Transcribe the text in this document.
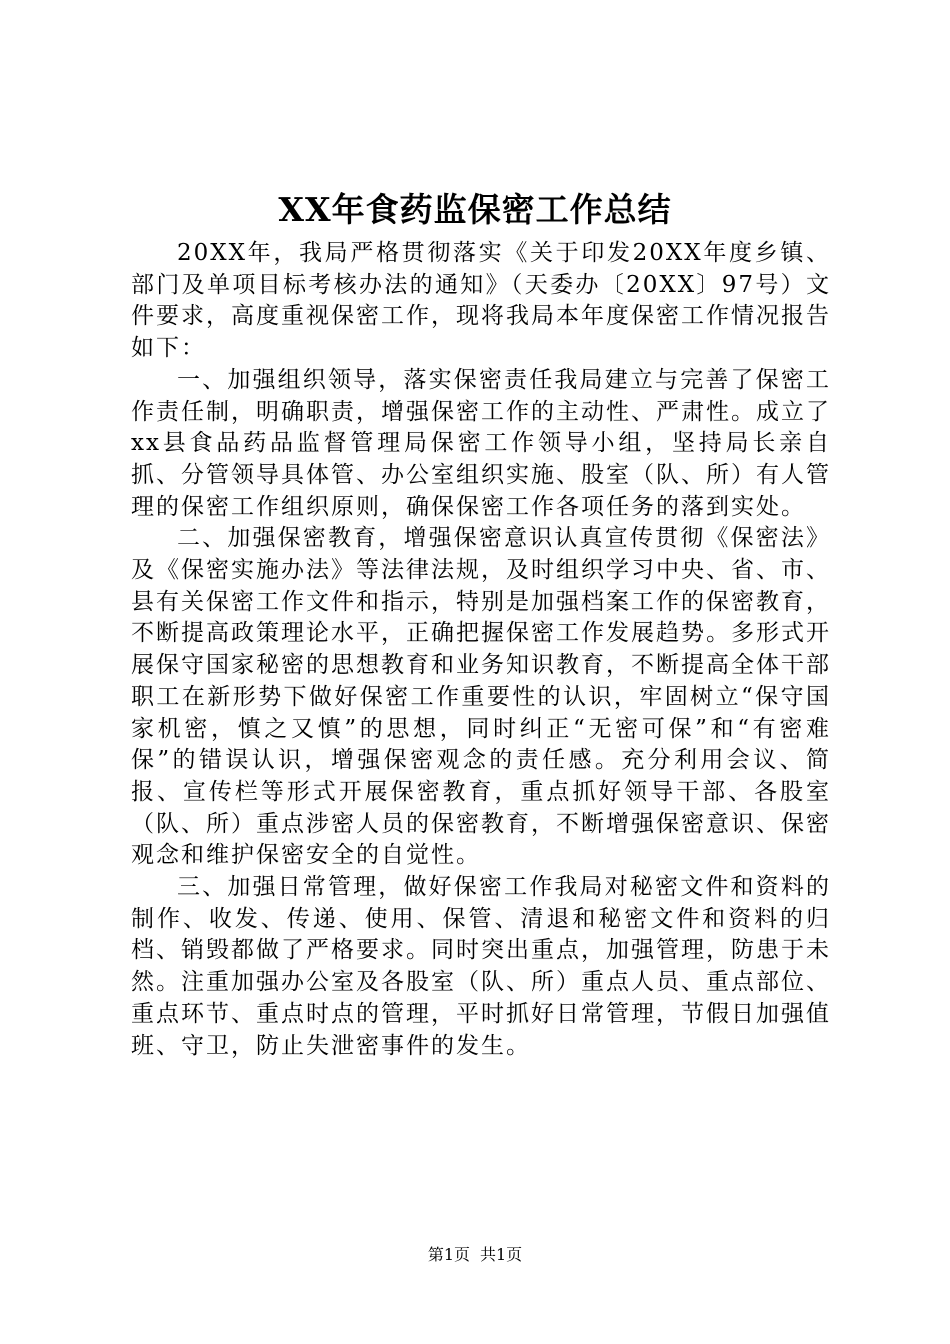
XX年食药监保密工作总结

20XX年，我局严格贯彻落实《关于印发20XX年度乡镇、部门及单项目标考核办法的通知》（天委办〔20XX〕97号）文件要求，高度重视保密工作，现将我局本年度保密工作情况报告如下：

一、加强组织领导，落实保密责任我局建立与完善了保密工作责任制，明确职责，增强保密工作的主动性、严肃性。成立了xx县食品药品监督管理局保密工作领导小组，坚持局长亲自抓、分管领导具体管、办公室组织实施、股室（队、所）有人管理的保密工作组织原则，确保保密工作各项任务的落到实处。

二、加强保密教育，增强保密意识认真宣传贯彻《保密法》及《保密实施办法》等法律法规，及时组织学习中央、省、市、县有关保密工作文件和指示，特别是加强档案工作的保密教育，不断提高政策理论水平，正确把握保密工作发展趋势。多形式开展保守国家秘密的思想教育和业务知识教育，不断提高全体干部职工在新形势下做好保密工作重要性的认识，牢固树立“保守国家机密，慎之又慎”的思想，同时纠正“无密可保”和“有密难保”的错误认识，增强保密观念的责任感。充分利用会议、简报、宣传栏等形式开展保密教育，重点抓好领导干部、各股室（队、所）重点涉密人员的保密教育，不断增强保密意识、保密观念和维护保密安全的自觉性。

三、加强日常管理，做好保密工作我局对秘密文件和资料的制作、收发、传递、使用、保管、清退和秘密文件和资料的归档、销毁都做了严格要求。同时突出重点，加强管理，防患于未然。注重加强办公室及各股室（队、所）重点人员、重点部位、重点环节、重点时点的管理，平时抓好日常管理，节假日加强值班、守卫，防止失泄密事件的发生。

第1页 共1页
